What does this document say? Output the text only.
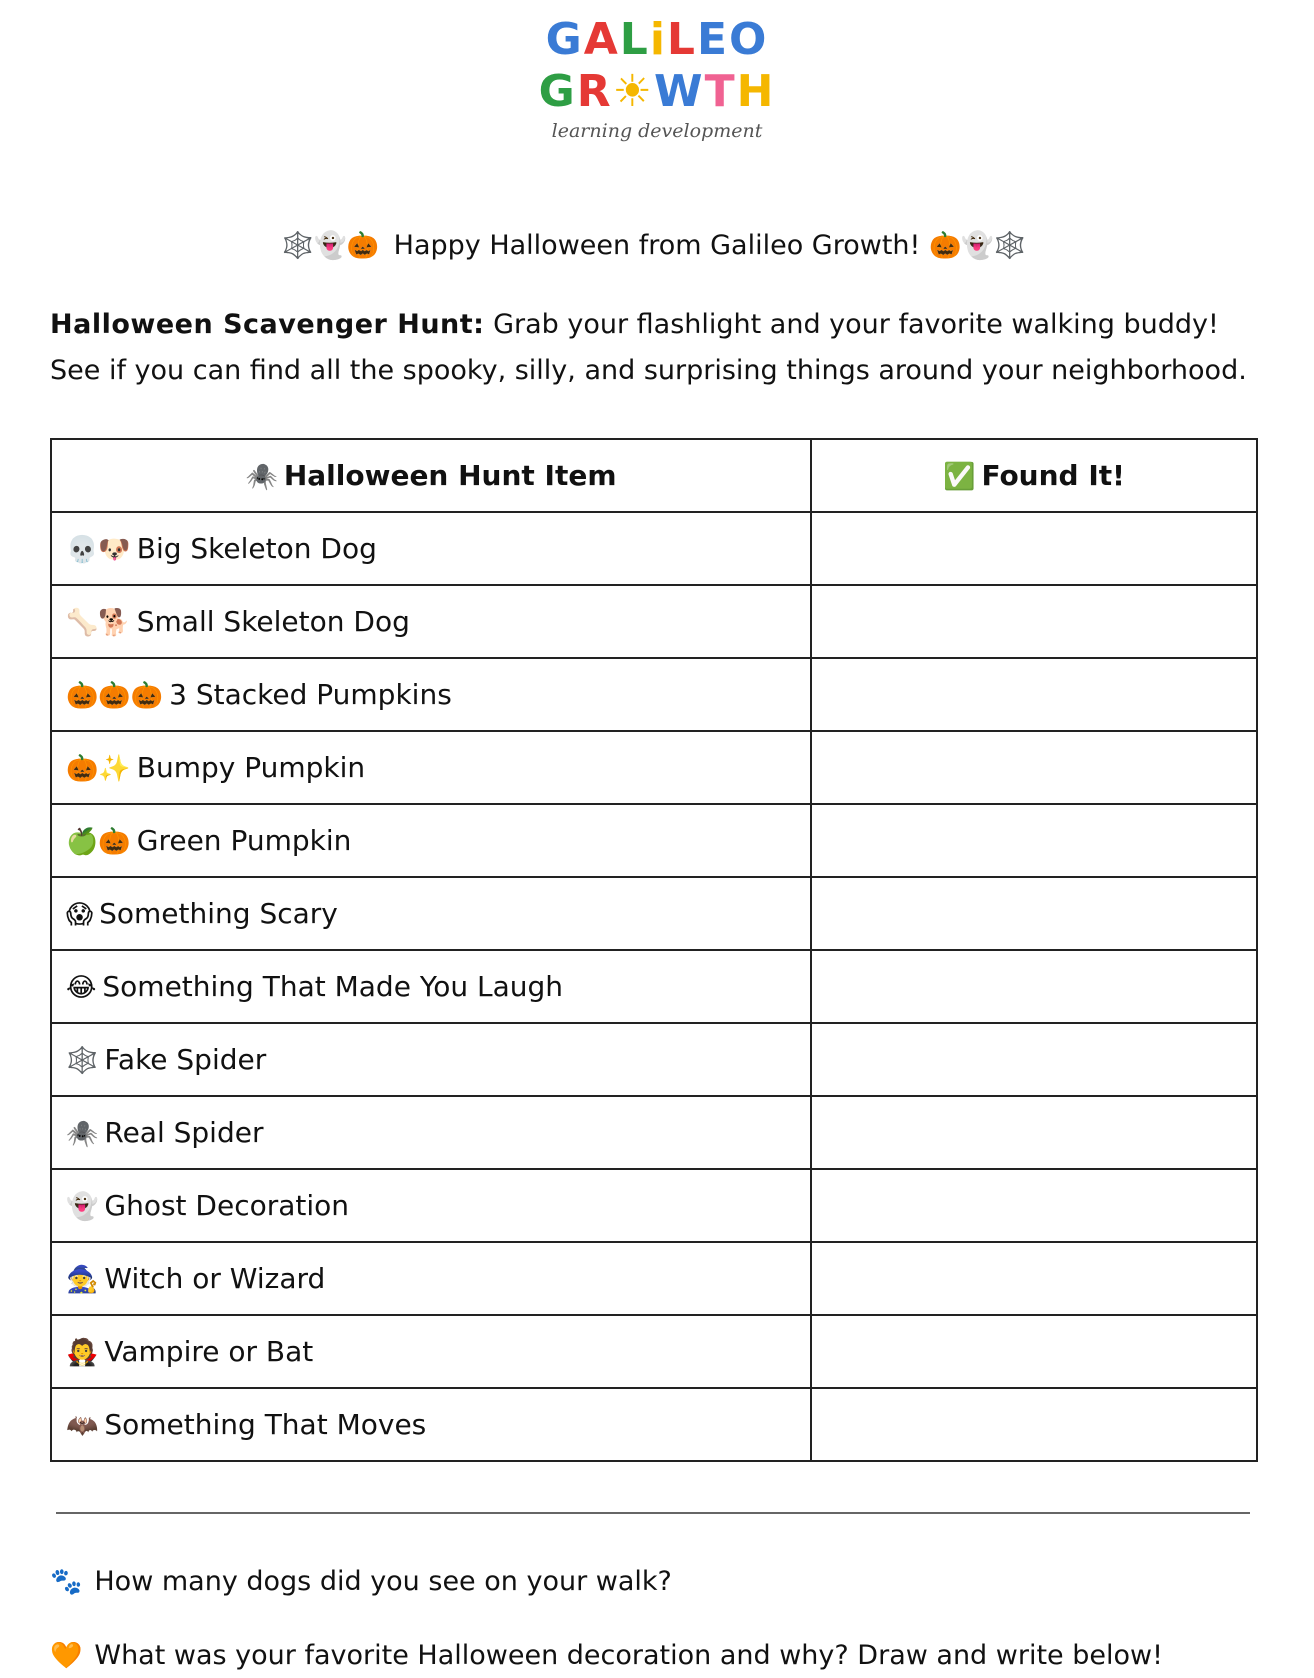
GALiLEO
GR☀WTH
learning development
🕸️👻🎃 Happy Halloween from Galileo Growth! 🎃👻🕸️
Halloween Scavenger Hunt: Grab your flashlight and your favorite walking buddy! See if you can find all the spooky, silly, and surprising things around your neighborhood.
🕷️ Halloween Hunt Item	✅ Found It!
💀🐶 Big Skeleton Dog	
🦴🐕 Small Skeleton Dog	
🎃🎃🎃 3 Stacked Pumpkins	
🎃✨ Bumpy Pumpkin	
🍏🎃 Green Pumpkin	
😱 Something Scary	
😂 Something That Made You Laugh	
🕸️ Fake Spider	
🕷️ Real Spider	
👻 Ghost Decoration	
🧙 Witch or Wizard	
🧛 Vampire or Bat	
🦇 Something That Moves	
🐾 How many dogs did you see on your walk?
🧡 What was your favorite Halloween decoration and why? Draw and write below!
